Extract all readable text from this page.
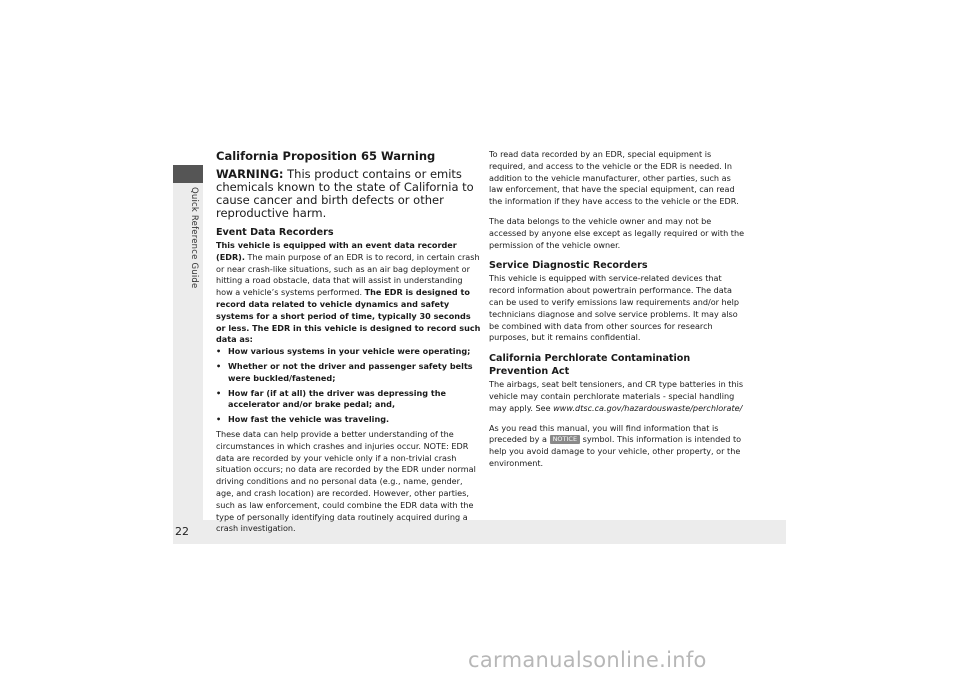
Quick Reference Guide
22
California Proposition 65 Warning
WARNING: This product contains or emits chemicals known to the state of California to cause cancer and birth defects or other reproductive harm.
Event Data Recorders

This vehicle is equipped with an event data recorder (EDR). The main purpose of an EDR is to record, in certain crash or near crash-like situations, such as an air bag deployment or hitting a road obstacle, data that will assist in understanding how a vehicle’s systems performed. The EDR is designed to record data related to vehicle dynamics and safety systems for a short period of time, typically 30 seconds or less. The EDR in this vehicle is designed to record such data as:

• How various systems in your vehicle were operating;
• Whether or not the driver and passenger safety belts were buckled/fastened;
• How far (if at all) the driver was depressing the accelerator and/or brake pedal; and,
• How fast the vehicle was traveling.

These data can help provide a better understanding of the circumstances in which crashes and injuries occur. NOTE: EDR data are recorded by your vehicle only if a non-trivial crash situation occurs; no data are recorded by the EDR under normal driving conditions and no personal data (e.g., name, gender, age, and crash location) are recorded. However, other parties, such as law enforcement, could combine the EDR data with the type of personally identifying data routinely acquired during a crash investigation.

To read data recorded by an EDR, special equipment is required, and access to the vehicle or the EDR is needed. In addition to the vehicle manufacturer, other parties, such as law enforcement, that have the special equipment, can read the information if they have access to the vehicle or the EDR.

The data belongs to the vehicle owner and may not be accessed by anyone else except as legally required or with the permission of the vehicle owner.

Service Diagnostic Recorders

This vehicle is equipped with service-related devices that record information about powertrain performance. The data can be used to verify emissions law requirements and/or help technicians diagnose and solve service problems. It may also be combined with data from other sources for research purposes, but it remains confidential.

California Perchlorate Contamination Prevention Act

The airbags, seat belt tensioners, and CR type batteries in this vehicle may contain perchlorate materials - special handling may apply. See www.dtsc.ca.gov/hazardouswaste/perchlorate/

As you read this manual, you will find information that is preceded by a NOTICE symbol. This information is intended to help you avoid damage to your vehicle, other property, or the environment.

carmanualsonline.info
